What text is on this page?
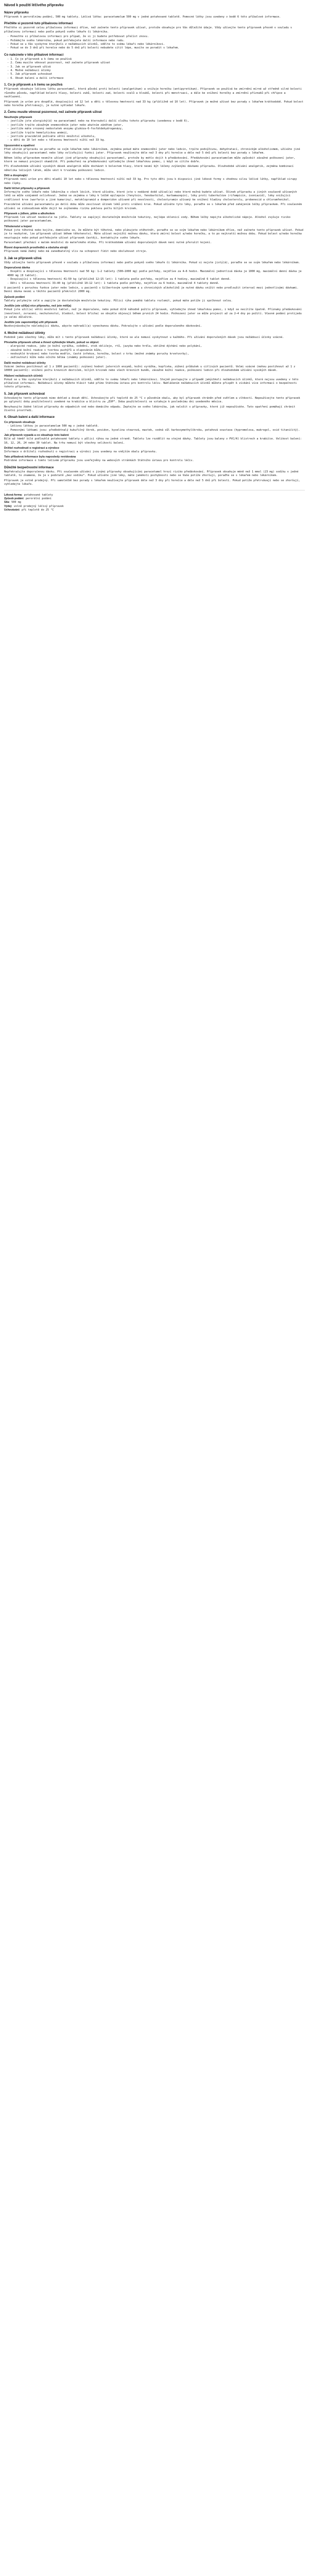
Návod k použití léčivého přípravku
Název přípravku
Přípravek k perorálnímu podání, 500 mg tablety. Léčivá látka: paracetamolum 500 mg v jedné potahované tabletě. Pomocné látky jsou uvedeny v bodě 6 této příbalové informace.
Přečtěte si pozorně tuto příbalovou informaci
Přečtěte si pozorně celou příbalovou informaci dříve, než začnete tento přípravek užívat, protože obsahuje pro Vás důležité údaje. Vždy užívejte tento přípravek přesně v souladu s příbalovou informací nebo podle pokynů svého lékaře či lékárníka.
- Ponechte si příbalovou informaci pro případ, že si ji budete potřebovat přečíst znovu.
- Požádejte svého lékárníka, pokud potřebujete další informace nebo radu.
- Pokud se u Vás vyskytne kterýkoli z nežádoucích účinků, sdělte to svému lékaři nebo lékárníkovi.
- Pokud se do 3 dnů při horečce nebo do 5 dnů při bolesti nebudete cítit lépe, musíte se poradit s lékařem.
Co naleznete v této příbalové informaci
- 1. Co je přípravek a k čemu se používá
- 2. Čemu musíte věnovat pozornost, než začnete přípravek užívat
- 3. Jak se přípravek užívá
- 4. Možné nežádoucí účinky
- 5. Jak přípravek uchovávat
- 6. Obsah balení a další informace
1. Co je přípravek a k čemu se používá
Přípravek obsahuje léčivou látku paracetamol, která působí proti bolesti (analgetikum) a snižuje horečku (antipyretikum). Přípravek se používá ke zmírnění mírné až středně silné bolesti různého původu, například bolesti hlavy, bolesti zubů, bolesti zad, bolesti svalů a kloubů, bolesti při menstruaci, a dále ke snížení horečky a zmírnění příznaků při chřipce a nachlazení.
Přípravek je určen pro dospělé, dospívající od 12 let a děti s tělesnou hmotností nad 33 kg (přibližně od 10 let). Přípravek je možné užívat bez porady s lékařem krátkodobě. Pokud bolest nebo horečka přetrvávají, je nutné vyhledat lékaře.
2. Čemu musíte věnovat pozornost, než začnete přípravek užívat
Neužívejte přípravek
- jestliže jste alergický(á) na paracetamol nebo na kteroukoli další složku tohoto přípravku (uvedenou v bodě 6),
- jestliže trpíte závažným onemocněním jater nebo akutním zánětem jater,
- jestliže máte vrozený nedostatek enzymu glukóza-6-fosfátdehydrogenázy,
- jestliže trpíte hemolytickou anémií,
- jestliže pravidelně požíváte větší množství alkoholu,
- u dětí do 10 let nebo s tělesnou hmotností nižší než 33 kg.
Upozornění a opatření
Před užitím přípravku se poraďte se svým lékařem nebo lékárníkem, zejména pokud máte onemocnění jater nebo ledvin, trpíte podvýživou, dehydratací, chronickým alkoholismem, užíváte jiné léky obsahující paracetamol nebo léky ovlivňující funkci jater. Přípravek neužívejte déle než 3 dny při horečce a déle než 5 dnů při bolesti bez porady s lékařem.
Během léčby přípravkem nesmíte užívat jiné přípravky obsahující paracetamol, protože by mohlo dojít k předávkování. Předávkování paracetamolem může způsobit závažné poškození jater, které se nemusí projevit okamžitě. Při podezření na předávkování vyhledejte ihned lékařskou pomoc, i když se cítíte dobře.
Při dlouhodobém užívání vysokých dávek analgetik může docházet k bolestem hlavy, které nesmí být léčeny zvýšenými dávkami přípravku. Dlouhodobé užívání analgetik, zejména kombinací několika léčivých látek, může vést k trvalému poškození ledvin.
Děti a dospívající
Přípravek není určen pro děti mladší 10 let nebo s tělesnou hmotností nižší než 33 kg. Pro tyto děti jsou k dispozici jiné lékové formy s vhodnou silou léčivé látky, například sirupy nebo čípky.
Další léčivé přípravky a přípravek
Informujte svého lékaře nebo lékárníka o všech lécích, které užíváte, které jste v nedávné době užíval(a) nebo které možná budete užívat. Účinek přípravku a jiných současně užívaných léků se může vzájemně ovlivňovat. Jedná se zejména o léky k léčbě epilepsie (fenytoin, fenobarbital, karbamazepin), léky proti tuberkulóze (rifampicin, isoniazid), léky snižující srážlivost krve (warfarin a jiné kumariny), metoklopramid a domperidon užívané při nevolnosti, cholestyramin užívaný ke snížení hladiny cholesterolu, probenecid a chloramfenikol.
Pravidelné užívání paracetamolu po delší dobu může zesilovat účinek léků proti srážení krve. Pokud užíváte tyto léky, poraďte se s lékařem před zahájením léčby přípravkem. Při současném užívání se zidovudinem může dojít ke zvýšenému riziku poklesu počtu bílých krvinek.
Přípravek s jídlem, pitím a alkoholem
Přípravek lze užívat nezávisle na jídle. Tablety se zapíjejí dostatečným množstvím tekutiny, nejlépe sklenicí vody. Během léčby nepijte alkoholické nápoje. Alkohol zvyšuje riziko poškození jater paracetamolem.
Těhotenství a kojení
Pokud jste těhotná nebo kojíte, domníváte se, že můžete být těhotná, nebo plánujete otěhotnět, poraďte se se svým lékařem nebo lékárníkem dříve, než začnete tento přípravek užívat. Pokud je to nezbytné, lze přípravek užívat během těhotenství. Máte užívat nejnižší možnou dávku, která zmírní bolest a/nebo horečku, a to po nejkratší možnou dobu. Pokud bolest a/nebo horečka neustupuje nebo pokud potřebujete užívat přípravek častěji, kontaktujte svého lékaře.
Paracetamol přechází v malém množství do mateřského mléka. Při krátkodobém užívání doporučených dávek není nutné přerušit kojení.
Řízení dopravních prostředků a obsluha strojů
Přípravek nemá žádný nebo má zanedbatelný vliv na schopnost řídit nebo obsluhovat stroje.
3. Jak se přípravek užívá
Vždy užívejte tento přípravek přesně v souladu s příbalovou informací nebo podle pokynů svého lékaře či lékárníka. Pokud si nejste jistý(á), poraďte se se svým lékařem nebo lékárníkem.
Doporučená dávka
- Dospělí a dospívající s tělesnou hmotností nad 50 kg: 1–2 tablety (500–1000 mg) podle potřeby, nejdříve za 4–6 hodin. Maximální jednotlivá dávka je 1000 mg, maximální denní dávka je 4000 mg (8 tablet).
- Dospívající s tělesnou hmotností 41–50 kg (přibližně 12–15 let): 1 tableta podle potřeby, nejdříve za 4 hodiny, maximálně 6 tablet denně.
- Děti s tělesnou hmotností 33–40 kg (přibližně 10–12 let): 1 tableta podle potřeby, nejdříve za 6 hodin, maximálně 4 tablety denně.
U pacientů s poruchou funkce jater nebo ledvin, u pacientů s Gilbertovým syndromem a u chronických alkoholiků je nutné dávku snížit nebo prodloužit interval mezi jednotlivými dávkami. Denní dávka nesmí u těchto pacientů překročit 2000 mg.
Způsob podání
Tablety polykejte celé a zapijte je dostatečným množstvím tekutiny. Půlicí rýha pomáhá tabletu rozlomit, pokud máte potíže ji spolknout celou.
Jestliže jste užil(a) více přípravku, než jste měl(a)
Pokud jste užil(a) větší množství tablet, než je doporučeno, nebo pokud dítě náhodně požilo přípravek, vyhledejte ihned lékařskou pomoc, i když se necítíte špatně. Příznaky předávkování (nevolnost, zvracení, nechutenství, bledost, bolest břicha) se obvykle objevují během prvních 24 hodin. Poškození jater se může projevit až za 2–4 dny po požití. Včasné podání protijedu je velmi důležité.
Jestliže jste zapomněl(a) užít přípravek
Nezdvojnásobujte následující dávku, abyste nahradil(a) vynechanou dávku. Pokračujte v užívání podle doporučeného dávkování.
4. Možné nežádoucí účinky
Podobně jako všechny léky, může mít i tento přípravek nežádoucí účinky, které se ale nemusí vyskytnout u každého. Při užívání doporučených dávek jsou nežádoucí účinky vzácné.
Přestaňte přípravek užívat a ihned vyhledejte lékaře, pokud se objeví:
- alergické reakce, jako je kožní vyrážka, svědění, otok obličeje, rtů, jazyka nebo hrdla, obtížné dýchání nebo polykání,
- závažné kožní reakce s tvorbou puchýřů a olupováním kůže,
- neobvyklé krvácení nebo tvorba modřin, časté infekce, horečka, bolest v krku (možné známky poruchy krvetvorby),
- zežloutnutí kůže nebo očního bělma (známky poškození jater).
Další možné nežádoucí účinky
Vzácné (mohou postihnout až 1 z 1000 pacientů): zvýšení hodnot jaterních enzymů, kožní vyrážka, kopřivka, zúžení průdušek u citlivých pacientů. Velmi vzácné (mohou postihnout až 1 z 10000 pacientů): snížení počtu krevních destiček, bílých krvinek nebo všech krevních buněk, závažné kožní reakce, poškození ledvin při dlouhodobém užívání vysokých dávek.
Hlášení nežádoucích účinků
Pokud se u Vás vyskytne kterýkoli z nežádoucích účinků, sdělte to svému lékaři nebo lékárníkovi. Stejně postupujte v případě jakýchkoli nežádoucích účinků, které nejsou uvedeny v této příbalové informaci. Nežádoucí účinky můžete hlásit také přímo Státnímu ústavu pro kontrolu léčiv. Nahlášením nežádoucích účinků můžete přispět k získání více informací o bezpečnosti tohoto přípravku.
5. Jak přípravek uchovávat
Uchovávejte tento přípravek mimo dohled a dosah dětí. Uchovávejte při teplotě do 25 °C v původním obalu, aby byl přípravek chráněn před světlem a vlhkostí. Nepoužívejte tento přípravek po uplynutí doby použitelnosti uvedené na krabičce a blistru za „EXP“. Doba použitelnosti se vztahuje k poslednímu dni uvedeného měsíce.
Nevyhazujte žádné léčivé přípravky do odpadních vod nebo domácího odpadu. Zeptejte se svého lékárníka, jak naložit s přípravky, které již nepoužíváte. Tato opatření pomáhají chránit životní prostředí.
6. Obsah balení a další informace
Co přípravek obsahuje
- Léčivou látkou je paracetamolum 500 mg v jedné tabletě.
- Pomocnými látkami jsou: předbobtnalý kukuřičný škrob, povidon, kyselina stearová, mastek, sodná sůl karboxymethylškrobu, potahová soustava (hypromelosa, makrogol, oxid titaničitý).
Jak přípravek vypadá a co obsahuje toto balení
Bílé až téměř bílé podlouhlé potahované tablety s půlicí rýhou na jedné straně. Tabletu lze rozdělit na stejné dávky. Tablety jsou baleny v PVC/Al blistrech a krabičce. Velikost balení: 10, 12, 20, 24 nebo 30 tablet. Na trhu nemusí být všechny velikosti balení.
Držitel rozhodnutí o registraci a výrobce
Informace o držiteli rozhodnutí o registraci a výrobci jsou uvedeny na vnějším obalu přípravku.
Tato příbalová informace byla naposledy revidována
Podrobné informace o tomto léčivém přípravku jsou uveřejněny na webových stránkách Státního ústavu pro kontrolu léčiv.
Důležité bezpečnostní informace
Nepřekračujte doporučenou dávku. Při současném užívání s jinými přípravky obsahujícími paracetamol hrozí riziko předávkování. Přípravek obsahuje méně než 1 mmol (23 mg) sodíku v jedné tabletě, to znamená, že je v podstatě „bez sodíku“. Pokud užíváte jiné léky, máte jakékoli pochybnosti nebo se Vaše potíže zhoršují, poraďte se s lékařem nebo lékárníkem.
Přípravek je volně prodejný. Při samoléčbě bez porady s lékařem neužívejte přípravek déle než 3 dny při horečce a déle než 5 dnů při bolesti. Pokud potíže přetrvávají nebo se zhoršují, vyhledejte lékaře.
Léková forma: potahované tablety
Způsob podání: perorální podání
Síla: 500 mg
Výdej: volně prodejný léčivý přípravek
Uchovávání: při teplotě do 25 °C
